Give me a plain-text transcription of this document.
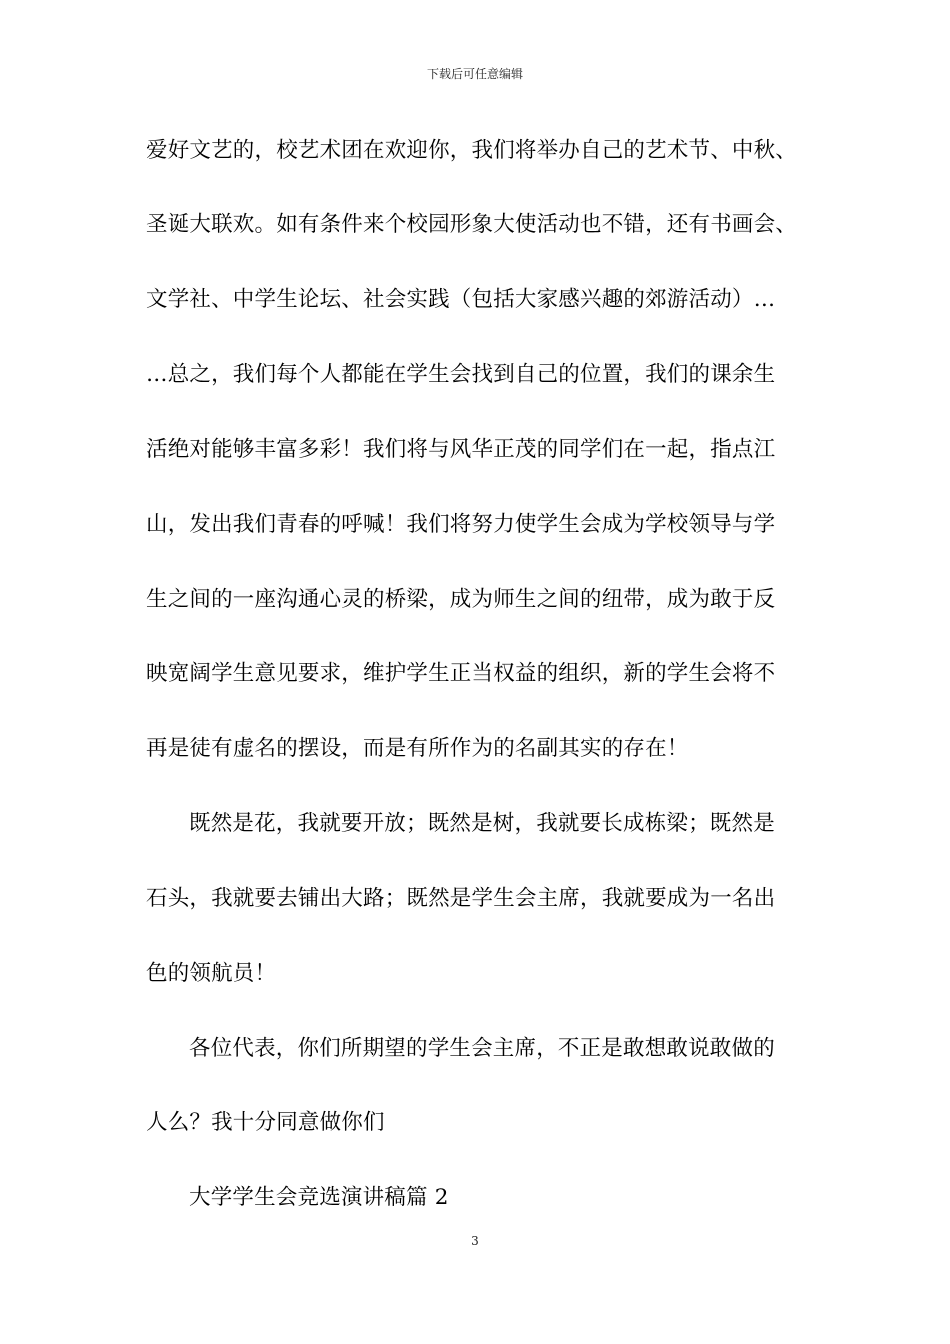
下载后可任意编辑
爱好文艺的，校艺术团在欢迎你，我们将举办自己的艺术节、中秋、
圣诞大联欢。如有条件来个校园形象大使活动也不错，还有书画会、
文学社、中学生论坛、社会实践（包括大家感兴趣的郊游活动）…
…总之，我们每个人都能在学生会找到自己的位置，我们的课余生
活绝对能够丰富多彩！我们将与风华正茂的同学们在一起，指点江
山，发出我们青春的呼喊！我们将努力使学生会成为学校领导与学
生之间的一座沟通心灵的桥梁，成为师生之间的纽带，成为敢于反
映宽阔学生意见要求，维护学生正当权益的组织，新的学生会将不
再是徒有虚名的摆设，而是有所作为的名副其实的存在！
既然是花，我就要开放；既然是树，我就要长成栋梁；既然是
石头，我就要去铺出大路；既然是学生会主席，我就要成为一名出
色的领航员！
各位代表，你们所期望的学生会主席，不正是敢想敢说敢做的
人么？我十分同意做你们
大学学生会竞选演讲稿篇 2
3
